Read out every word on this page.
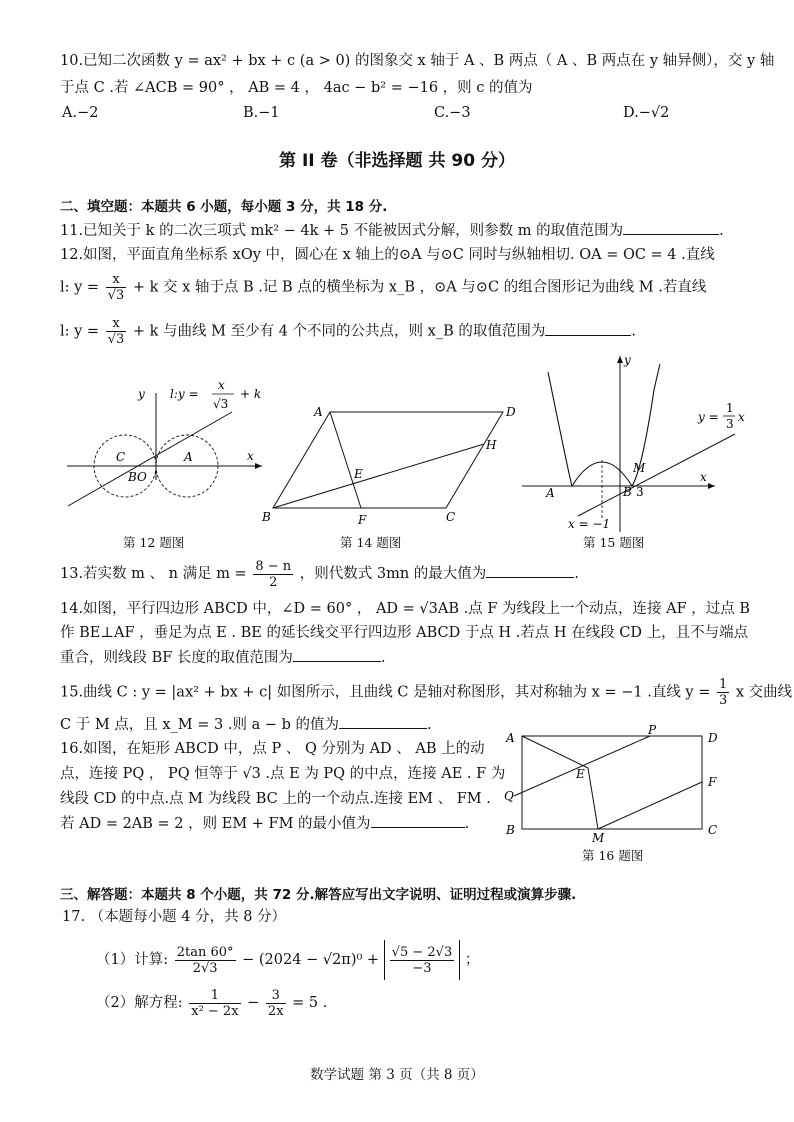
10.已知二次函数 y = ax² + bx + c (a > 0) 的图象交 x 轴于 A 、B 两点（ A 、B 两点在 y 轴异侧），交 y 轴
于点 C .若 ∠ACB = 90° ， AB = 4 ， 4ac − b² = −16 ，则 c 的值为
A.−2	B.−1	C.−3	D.−√2
第 II 卷（非选择题 共 90 分）
二、填空题：本题共 6 小题，每小题 3 分，共 18 分.
11.已知关于 k 的二次三项式 mk² − 4k + 5 不能被因式分解，则参数 m 的取值范围为	.
12.如图，平面直角坐标系 xOy 中，圆心在 x 轴上的⊙A 与⊙C 同时与纵轴相切. OA = OC = 4 .直线
l: $y = \frac{x}{√3} + k$ 交 x 轴于点 B .记 B 点的横坐标为 x_B ，⊙A 与⊙C 的组合图形记为曲线 M .若直线
l: $y = \frac{x}{√3} + k$ 与曲线 M 至少有 4 个不同的公共点，则 x_B 的取值范围为	.
y l:y =
x
√3
+ k
C	A	x
BO
第 12 题图
A	D
H
E
B	F	C
第 14 题图
y
x
y =
1
3 x
A	B 3
M
x = −1
第 15 题图
13.若实数 m 、 n 满足 $m = \frac{8 - n}{2}$ ，则代数式 3mn 的最大值为	.
14.如图，平行四边形 ABCD 中，∠D = 60° ， AD = √3AB .点 F 为线段上一个动点，连接 AF ，过点 B
作 BE⊥AF ，垂足为点 E . BE 的延长线交平行四边形 ABCD 于点 H .若点 H 在线段 CD 上，且不与端点
重合，则线段 BF 长度的取值范围为	.
15.曲线 C : y = |ax² + bx + c| 如图所示，且曲线 C 是轴对称图形，其对称轴为 x = −1 .直线 $y = \frac{1}{3}$ x 交曲线
C 于 M 点，且 x_M = 3 .则 a − b 的值为	.
16.如图，在矩形 ABCD 中，点 P 、 Q 分别为 AD 、 AB 上的动
点，连接 PQ ， PQ 恒等于 √3 .点 E 为 PQ 的中点，连接 AE . F 为
线段 CD 的中点.点 M 为线段 BC 上的一个动点.连接 EM 、 FM .
若 AD = 2AB = 2 ，则 EM + FM 的最小值为	.
A
P
D
E
F
Q
B
M
C
第 16 题图
三、解答题：本题共 8 个小题，共 72 分.解答应写出文字说明、证明过程或演算步骤.
17. （本题每小题 4 分，共 8 分）
（1）计算: $\frac{2\tan 60^\circ}{2√3} - (2024 - √2\pi)^0 + \frac{√5 - 2√3}{-3}$ ；
（2）解方程: $\frac{1}{\text{x² − 2x}} - \frac{3}{2x} = 5$ .
数学试题 第 3 页（共 8 页）
